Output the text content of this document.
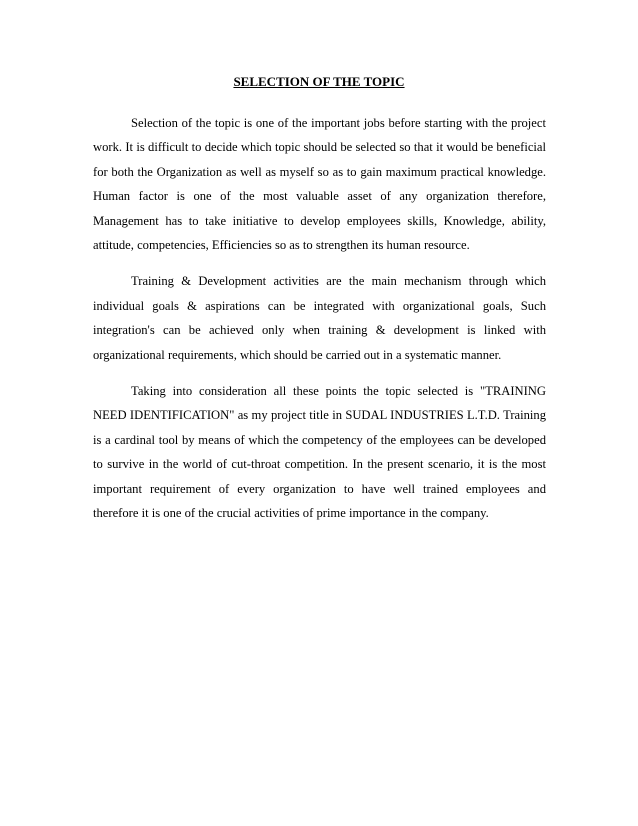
SELECTION OF THE TOPIC

Selection of the topic is one of the important jobs before starting with the project work. It is difficult to decide which topic should be selected so that it would be beneficial for both the Organization as well as myself so as to gain maximum practical knowledge. Human factor is one of the most valuable asset of any organization therefore, Management has to take initiative to develop employees skills, Knowledge, ability, attitude, competencies, Efficiencies so as to strengthen its human resource.

Training & Development activities are the main mechanism through which individual goals & aspirations can be integrated with organizational goals, Such integration's can be achieved only when training & development is linked with organizational requirements, which should be carried out in a systematic manner.

Taking into consideration all these points the topic selected is "TRAINING NEED IDENTIFICATION" as my project title in SUDAL INDUSTRIES L.T.D. Training is a cardinal tool by means of which the competency of the employees can be developed to survive in the world of cut-throat competition. In the present scenario, it is the most important requirement of every organization to have well trained employees and therefore it is one of the crucial activities of prime importance in the company.
